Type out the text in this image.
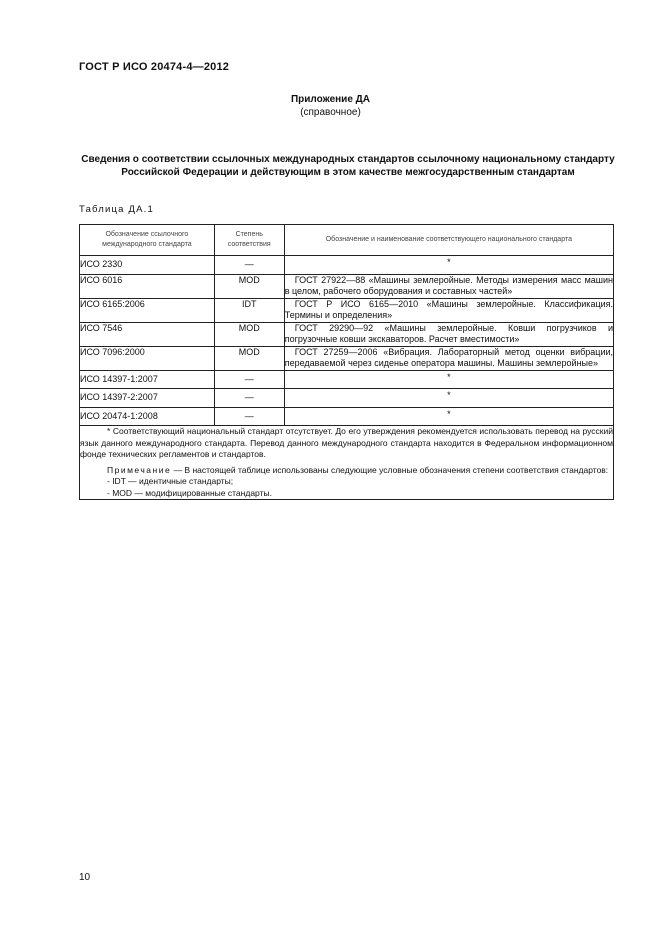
ГОСТ Р ИСО 20474-4—2012
Приложение ДА
(справочное)
Сведения о соответствии ссылочных международных стандартов ссылочному национальному стандарту Российской Федерации и действующим в этом качестве межгосударственным стандартам
Таблица ДА.1
Обозначение ссылочного международного стандарта	Степень соответствия	Обозначение и наименование соответствующего национального стандарта
ИСО 2330	—	*
ИСО 6016	MOD	ГОСТ 27922—88 «Машины землеройные. Методы измерения масс машин в целом, рабочего оборудования и составных частей»
ИСО 6165:2006	IDT	ГОСТ Р ИСО 6165—2010 «Машины землеройные. Классификация. Термины и определения»
ИСО 7546	MOD	ГОСТ 29290—92 «Машины землеройные. Ковши погрузчиков и погрузочные ковши экскаваторов. Расчет вместимости»
ИСО 7096:2000	MOD	ГОСТ 27259—2006 «Вибрация. Лабораторный метод оценки вибрации, передаваемой через сиденье оператора машины. Машины землеройные»
ИСО 14397-1:2007	—	*
ИСО 14397-2:2007	—	*
ИСО 20474-1:2008	—	*

* Соответствующий национальный стандарт отсутствует. До его утверждения рекомендуется использовать перевод на русский язык данного международного стандарта. Перевод данного международного стандарта находится в Федеральном информационном фонде технических регламентов и стандартов.

Примечание — В настоящей таблице использованы следующие условные обозначения степени соответствия стандартов:

- IDT — идентичные стандарты;
- MOD — модифицированные стандарты.		
10
